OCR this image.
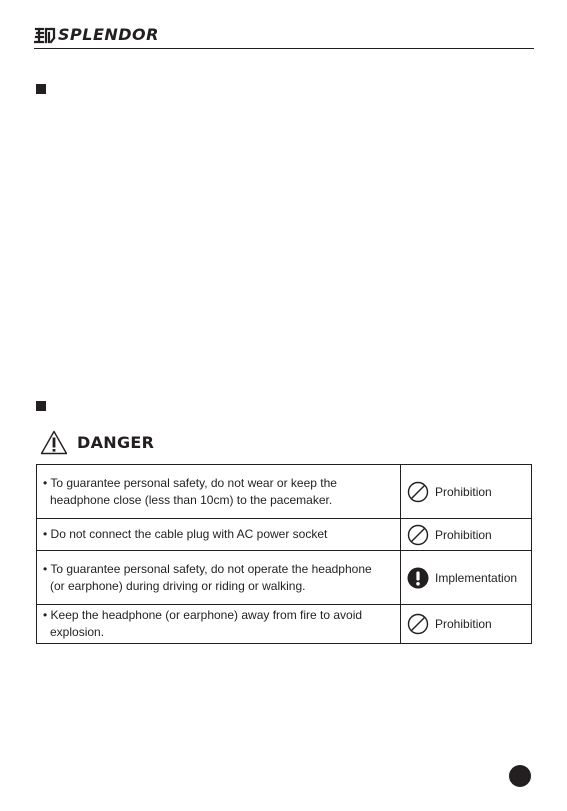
SPLENDOR
DANGER
• To guarantee personal safety, do not wear or keep the
headphone close (less than 10cm) to the pacemaker.	Prohibition

• Do not connect the cable plug with AC power socket	Prohibition

• To guarantee personal safety, do not operate the headphone
(or earphone) during driving or riding or walking.	Implementation

• Keep the headphone (or earphone) away from fire to avoid
explosion.	Prohibition
